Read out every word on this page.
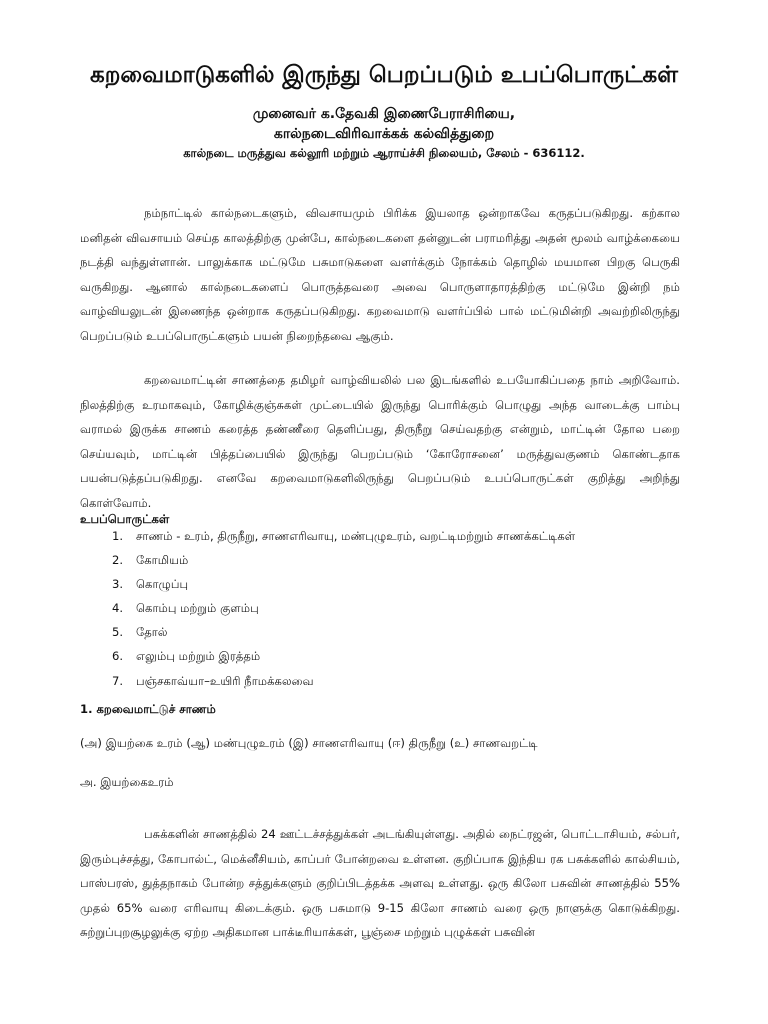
கறவைமாடுகளில் இருந்து பெறப்படும் உபப்பொருட்கள்
முனைவர் க.தேவகி இணைபேராசிரியை,
கால்நடைவிரிவாக்கக் கல்வித்துறை
கால்நடை மருத்துவ கல்லூரி மற்றும் ஆராய்ச்சி நிலையம், சேலம் - 636112.

நம்நாட்டில் கால்நடைகளும், விவசாயமும் பிரிக்க இயலாத ஒன்றாகவே கருதப்படுகிறது. கற்கால மனிதன் விவசாயம் செய்த காலத்திற்கு முன்பே, கால்நடைகளை தன்னுடன் பராமரித்து அதன் மூலம் வாழ்க்கையை நடத்தி வந்துள்ளான். பாலுக்காக மட்டுமே பசுமாடுகளை வளர்க்கும் நோக்கம் தொழில் மயமான பிறகு பெருகி வருகிறது. ஆனால் கால்நடைகளைப் பொருத்தவரை அவை பொருளாதாரத்திற்கு மட்டுமே இன்றி நம் வாழ்வியலுடன் இணைந்த ஒன்றாக கருதப்படுகிறது. கறவைமாடு வளர்ப்பில் பால் மட்டுமின்றி அவற்றிலிருந்து பெறப்படும் உபப்பொருட்களும் பயன் நிறைந்தவை ஆகும்.

கறவைமாட்டின் சாணத்தை தமிழர் வாழ்வியலில் பல இடங்களில் உபயோகிப்பதை நாம் அறிவோம். நிலத்திற்கு உரமாகவும், கோழிக்குஞ்சுகள் முட்டையில் இருந்து பொரிக்கும் பொழுது அந்த வாடைக்கு பாம்பு வராமல் இருக்க சாணம் கரைத்த தண்ணீரை தெளிப்பது, திருநீறு செய்வதற்கு என்றும், மாட்டின் தோல பறை செய்யவும், மாட்டின் பித்தப்பையில் இருந்து பெறப்படும் ‘கோரோசனை’ மருத்துவகுணம் கொண்டதாக பயன்படுத்தப்படுகிறது. எனவே கறவைமாடுகளிலிருந்து பெறப்படும் உபப்பொருட்கள் குறித்து அறிந்து கொள்வோம்.

உபப்பொருட்கள்
1. சாணம் - உரம், திருநீறு, சாணஎரிவாயு, மண்புழுஉரம், வறட்டிமற்றும் சாணக்கட்டிகள்
2. கோமியம்
3. கொழுப்பு
4. கொம்பு மற்றும் குளம்பு
5. தோல்
6. எலும்பு மற்றும் இரத்தம்
7. பஞ்சகாவ்யா–உயிரி நீாமக்கலவை
1. கறவைமாட்டுச் சாணம்
(அ) இயற்கை உரம் (ஆ) மண்புழுஉரம் (இ) சாணஎரிவாயு (ஈ) திருநீறு (உ) சாணவறட்டி
அ. இயற்கைஉரம்

பசுக்களின் சாணத்தில் 24 ஊட்டச்சத்துக்கள் அடங்கியுள்ளது. அதில் நைட்ரஜன், பொட்டாசியம், சல்பர், இரும்புச்சத்து, கோபால்ட், மெக்னீசியம், காப்பர் போன்றவை உள்ளன. குறிப்பாக இந்திய ரக பசுக்களில் கால்சியம், பாஸ்பரஸ், துத்தநாகம் போன்ற சத்துக்களும் குறிப்பிடத்தக்க அளவு உள்ளது. ஒரு கிலோ பசுவின் சாணத்தில் 55% முதல் 65% வரை எரிவாயு கிடைக்கும். ஒரு பசுமாடு 9-15 கிலோ சாணம் வரை ஒரு நாளுக்கு கொடுக்கிறது. சுற்றுப்புறசூழலுக்கு ஏற்ற அதிகமான பாக்டீரியாக்கள், பூஞ்சை மற்றும் புழுக்கள் பசுவின்
